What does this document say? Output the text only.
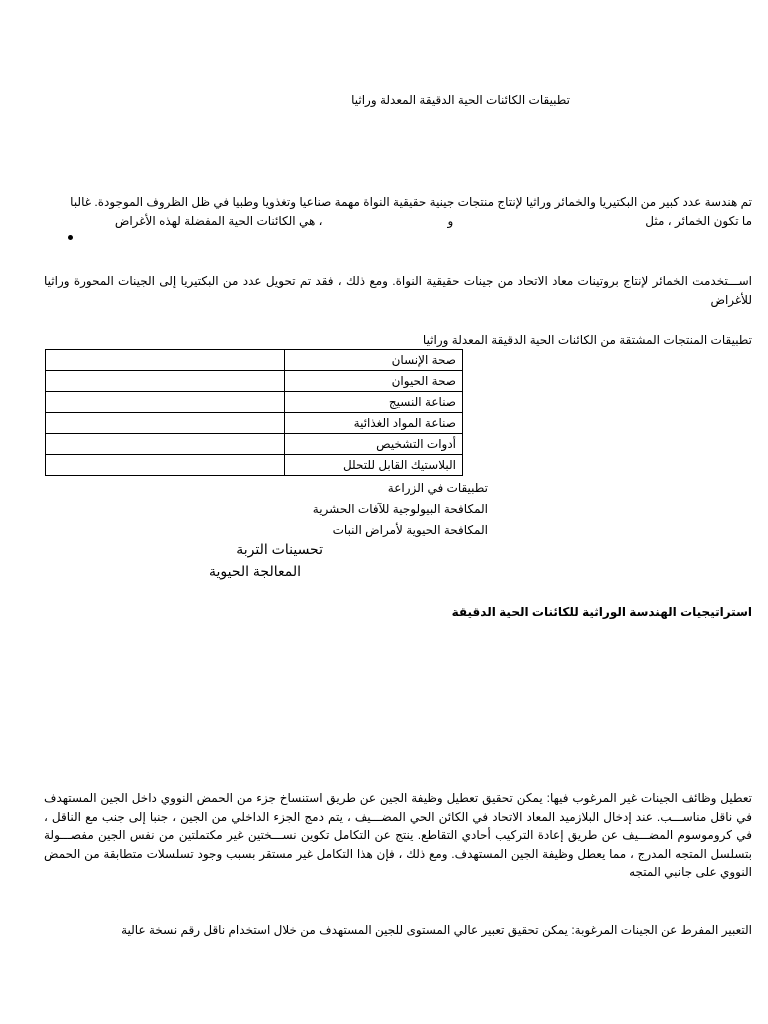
تطبيقات الكائنات الحية الدقيقة المعدلة وراثيا
تم هندسة عدد كبير من البكتيريا والخمائر وراثيا لإنتاج منتجات جينية حقيقية النواة مهمة صناعيا وتغذويا وطبيا في ظل الظروف الموجودة. غالبا
ما تكون الخمائر ، مثلو، هي الكائنات الحية المفضلة لهذه الأغراض
اســـتخدمت الخمائر لإنتاج بروتينات معاد الاتحاد من جينات حقيقية النواة. ومع ذلك ، فقد تم تحويل عدد من البكتيريا إلى الجينات المحورة وراثيا للأغراض
تطبيقات المنتجات المشتقة من الكائنات الحية الدقيقة المعدلة وراثيا
صحة الإنسان	
صحة الحيوان	
صناعة النسيج	
صناعة المواد الغذائية	
أدوات التشخيص	
البلاستيك القابل للتحلل	
تطبيقات في الزراعة
المكافحة البيولوجية للآفات الحشرية
المكافحة الحيوية لأمراض النبات
تحسينات التربة
المعالجة الحيوية
استراتيجيات الهندسة الوراثية للكائنات الحية الدقيقة
تعطيل وظائف الجينات غير المرغوب فيها: يمكن تحقيق تعطيل وظيفة الجين عن طريق استنساخ جزء من الحمض النووي داخل الجين المستهدف في ناقل مناســـب. عند إدخال البلازميد المعاد الاتحاد في الكائن الحي المضـــيف ، يتم دمج الجزء الداخلي من الجين ، جنبا إلى جنب مع الناقل ، في كروموسوم المضـــيف عن طريق إعادة التركيب أحادي التقاطع. ينتج عن التكامل تكوين نســـختين غير مكتملتين من نفس الجين مفصـــولة بتسلسل المتجه المدرج ، مما يعطل وظيفة الجين المستهدف. ومع ذلك ، فإن هذا التكامل غير مستقر بسبب وجود تسلسلات متطابقة من الحمض النووي على جانبي المتجه
التعبير المفرط عن الجينات المرغوبة: يمكن تحقيق تعبير عالي المستوى للجين المستهدف من خلال استخدام ناقل رقم نسخة عالية
